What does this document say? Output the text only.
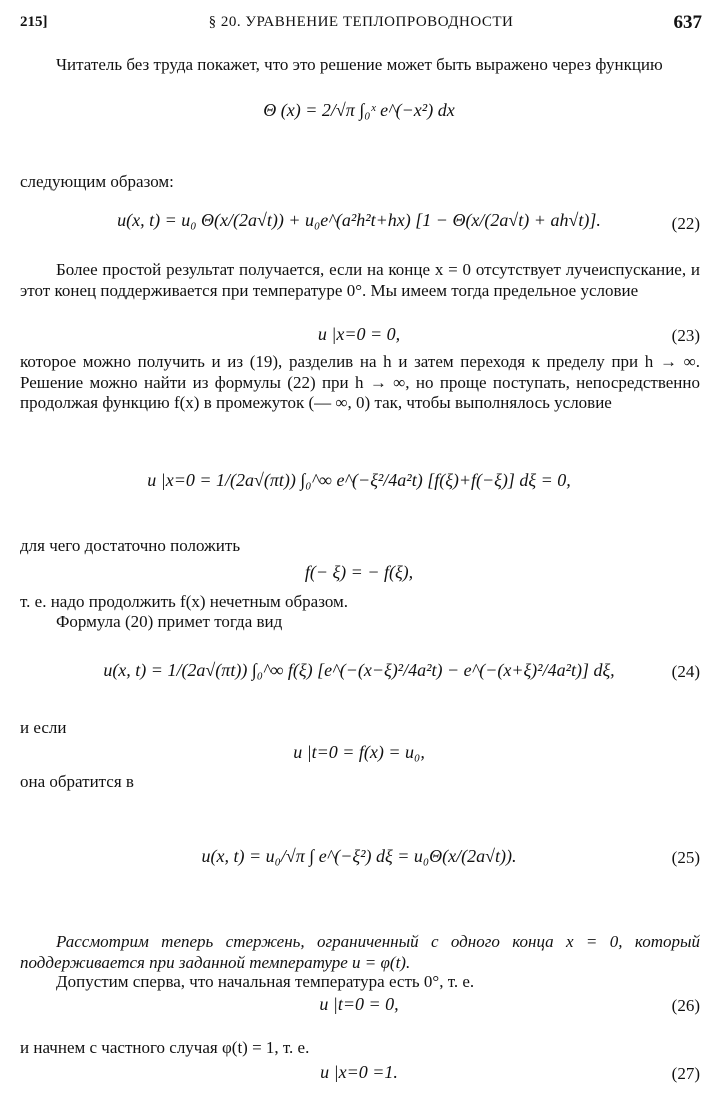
215]	§ 20. УРАВНЕНИЕ ТЕПЛОПРОВОДНОСТИ	637
Читатель без труда покажет, что это решение может быть выражено через функцию
Θ (x) = 2/√π ∫₀ˣ e^(−x²) dx
следующим образом:
u(x, t) = u₀ Θ(x/(2a√t)) + u₀e^(a²h²t+hx) [1 − Θ(x/(2a√t) + ah√t)].	(22)
Более простой результат получается, если на конце x = 0 отсутствует лучеиспускание, и этот конец поддерживается при температуре 0°. Мы имеем тогда предельное условие
u |x=0 = 0,	(23)
которое можно получить и из (19), разделив на h и затем переходя к пределу при h → ∞. Решение можно найти из формулы (22) при h → ∞, но проще поступать, непосредственно продолжая функцию f(x) в промежуток (— ∞, 0) так, чтобы выполнялось условие
u |x=0 = 1/(2a√(πt)) ∫₀^∞ e^(−ξ²/4a²t) [f(ξ)+f(−ξ)] dξ = 0,
для чего достаточно положить
f(− ξ) = − f(ξ),
т. е. надо продолжить f(x) нечетным образом.
Формула (20) примет тогда вид
u(x, t) = 1/(2a√(πt)) ∫₀^∞ f(ξ) [e^(−(x−ξ)²/4a²t) − e^(−(x+ξ)²/4a²t)] dξ,	(24)
и если
u |t=0 = f(x) = u₀,
она обратится в
u(x, t) = u₀/√π ∫ e^(−ξ²) dξ = u₀Θ(x/(2a√t)).	(25)
Рассмотрим теперь стержень, ограниченный с одного конца x = 0, который поддерживается при заданной температуре u = φ(t).
Допустим сперва, что начальная температура есть 0°, т. е.
u |t=0 = 0,	(26)
и начнем с частного случая φ(t) = 1, т. е.
u |x=0 =1.	(27)
